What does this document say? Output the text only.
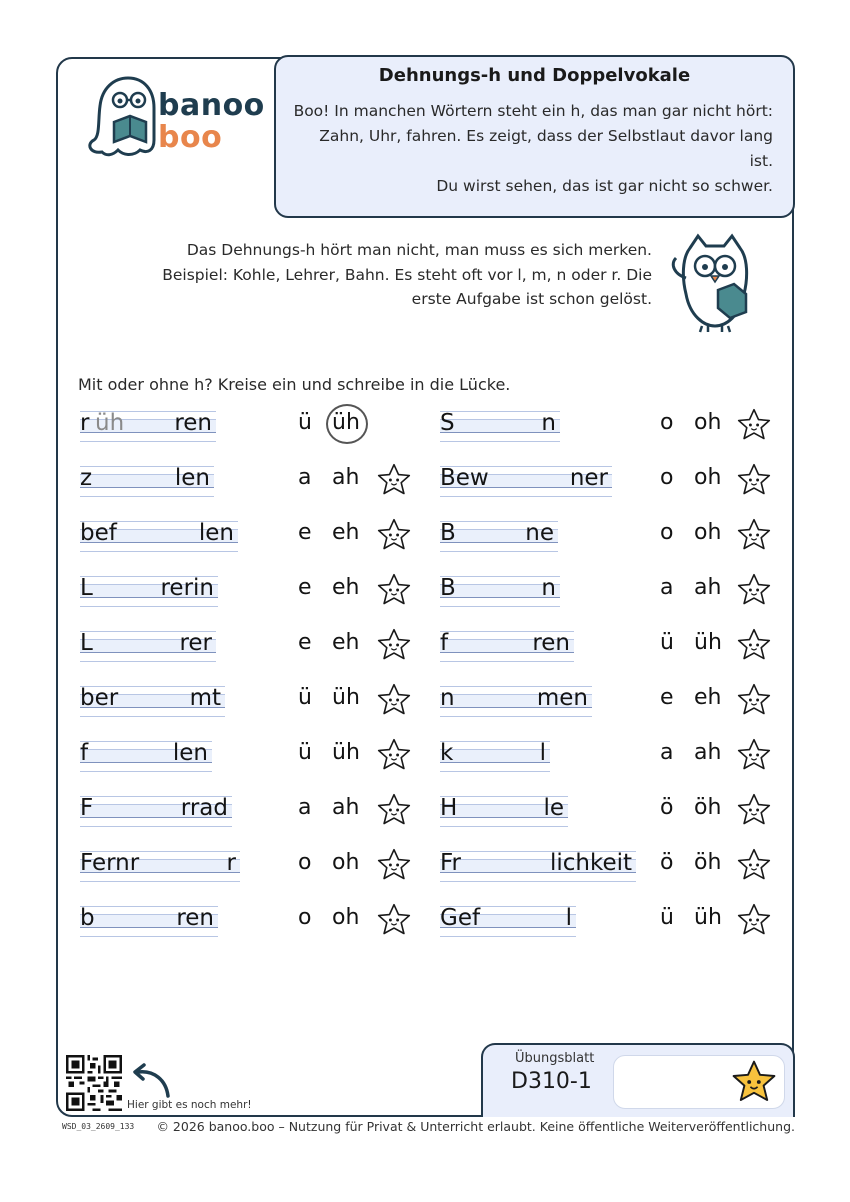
banoo
boo
Dehnungs-h und Doppelvokale
Boo! In manchen Wörtern steht ein h, das man gar nicht hört:
Zahn, Uhr, fahren. Es zeigt, dass der Selbstlaut davor lang ist.
Du wirst sehen, das ist gar nicht so schwer.
Das Dehnungs-h hört man nicht, man muss es sich merken.
Beispiel: Kohle, Lehrer, Bahn. Es steht oft vor l, m, n oder r. Die
erste Aufgabe ist schon gelöst.
Mit oder ohne h? Kreise ein und schreibe in die Lücke.
r üh ren	ü üh
z	len	a ah
bef	len	e eh
L	rerin	e eh
L	rer	e eh
ber	mt	ü üh
f	len	ü üh
F	rrad	a ah
Fernr	r	o oh
b	ren	o oh
S	n	o oh
Bew	ner o oh
B	ne	o oh
B	n	a ah
f	ren	ü üh
n	men	e eh
k	l	a ah
H	le	ö öh
Fr	lichkeit ö öh
Gef	l	ü üh
Hier gibt es noch mehr!
Übungsblatt
D310-1
WSD_03_2609_133 © 2026 banoo.boo – Nutzung für Privat & Unterricht erlaubt. Keine öffentliche Weiterveröffentlichung.
